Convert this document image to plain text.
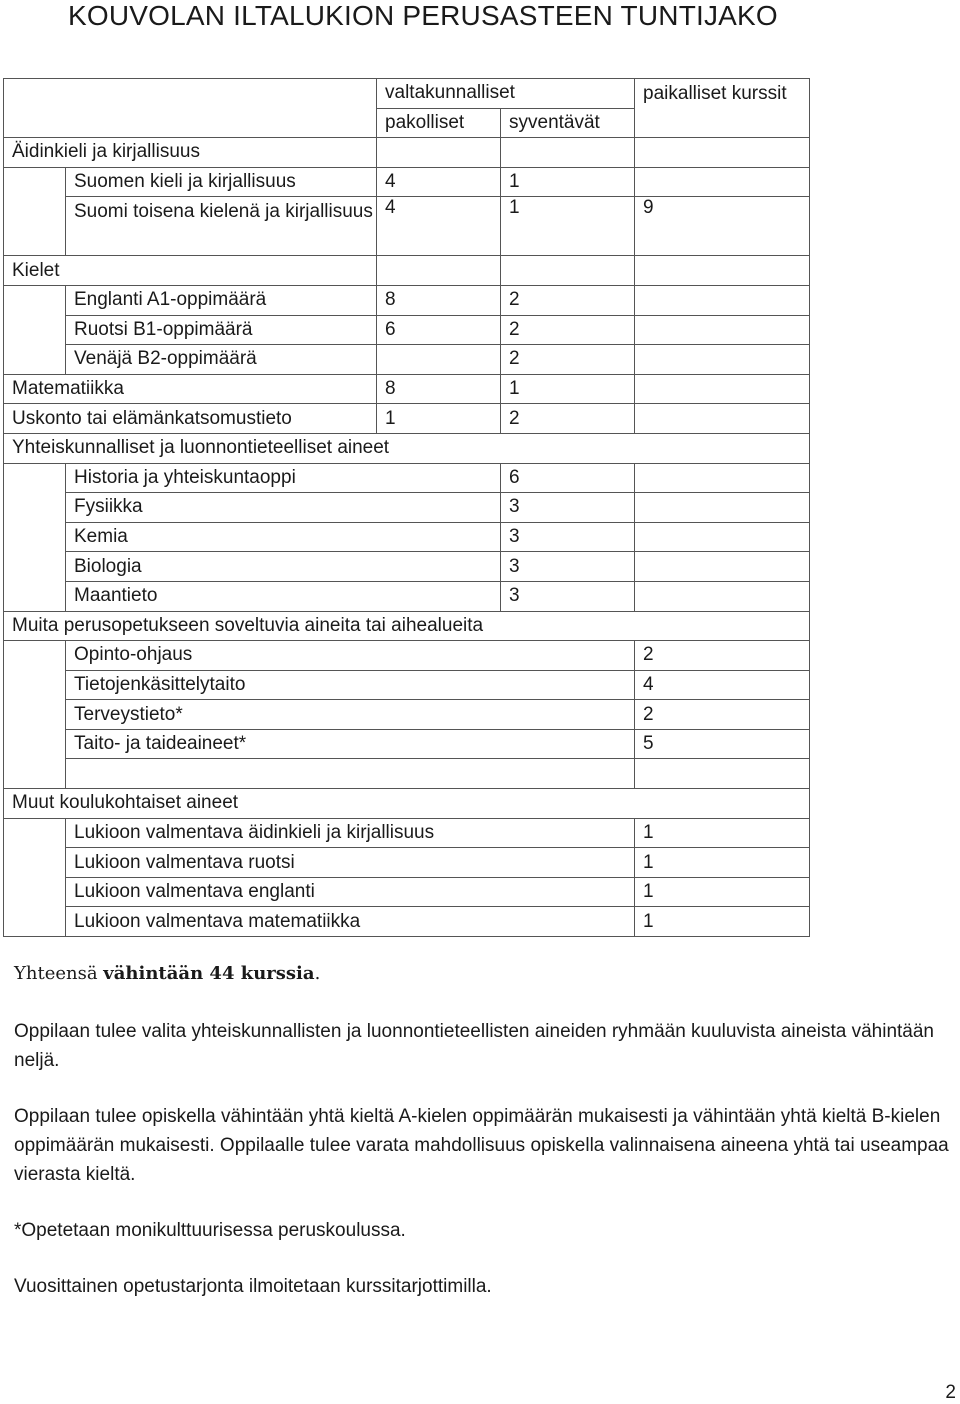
KOUVOLAN ILTALUKION PERUSASTEEN TUNTIJAKO
		valtakunnalliset		paikalliset kurssit
		pakolliset	syventävät	
Äidinkieli ja kirjallisuus				
	Suomen kieli ja kirjallisuus	4	1	
	Suomi toisena kielenä ja kirjallisuus	4	1	9
Kielet				
	Englanti A1-oppimäärä	8	2	
	Ruotsi B1-oppimäärä	6	2	
	Venäjä B2-oppimäärä		2	
Matematiikka		8	1	
Uskonto tai elämänkatsomustieto		1	2	
Yhteiskunnalliset ja luonnontieteelliset aineet				
	Historia ja yhteiskuntaoppi		6	
	Fysiikka		3	
	Kemia		3	
	Biologia		3	
	Maantieto		3	
Muita perusopetukseen soveltuvia aineita tai aihealueita				
	Opinto-ohjaus			2
	Tietojenkäsittelytaito			4
	Terveystieto*			2
	Taito- ja taideaineet*			5

Muut koulukohtaiset aineet				
	Lukioon valmentava äidinkieli ja kirjallisuus			1
	Lukioon valmentava ruotsi			1
	Lukioon valmentava englanti			1
	Lukioon valmentava matematiikka			1
Yhteensä vähintään 44 kurssia.
Oppilaan tulee valita yhteiskunnallisten ja luonnontieteellisten aineiden ryhmään kuuluvista aineista vähintään neljä.
Oppilaan tulee opiskella vähintään yhtä kieltä A-kielen oppimäärän mukaisesti ja vähintään yhtä kieltä B-kielen oppimäärän mukaisesti. Oppilaalle tulee varata mahdollisuus opiskella valinnaisena aineena yhtä tai useampaa vierasta kieltä.
*Opetetaan monikulttuurisessa peruskoulussa.
Vuosittainen opetustarjonta ilmoitetaan kurssitarjottimilla.
2
